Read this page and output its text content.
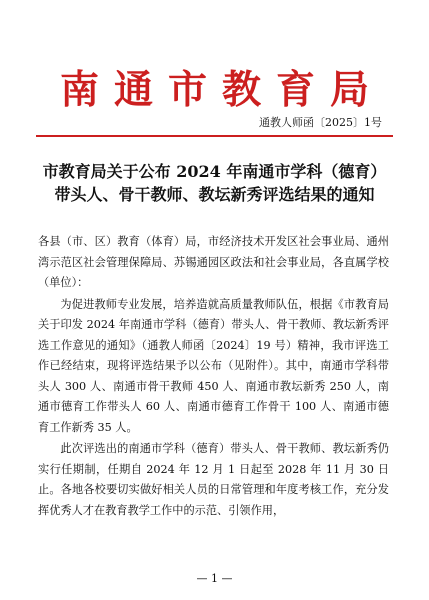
南通市教育局
通教人师函〔2025〕1号
市教育局关于公布 2024 年南通市学科（德育）
带头人、骨干教师、教坛新秀评选结果的通知

各县（市、区）教育（体育）局，市经济技术开发区社会事业局、通州湾示范区社会管理保障局、苏锡通园区政法和社会事业局，各直属学校（单位）：

为促进教师专业发展，培养造就高质量教师队伍，根据《市教育局关于印发 2024 年南通市学科（德育）带头人、骨干教师、教坛新秀评选工作意见的通知》（通教人师函〔2024〕19 号）精神，我市评选工作已经结束，现将评选结果予以公布（见附件）。其中，南通市学科带头人 300 人、南通市骨干教师 450 人、南通市教坛新秀 250 人，南通市德育工作带头人 60 人、南通市德育工作骨干 100 人、南通市德育工作新秀 35 人。

此次评选出的南通市学科（德育）带头人、骨干教师、教坛新秀仍实行任期制，任期自 2024 年 12 月 1 日起至 2028 年 11 月 30 日止。各地各校要切实做好相关人员的日常管理和年度考核工作，充分发挥优秀人才在教育教学工作中的示范、引领作用，

— 1 —
